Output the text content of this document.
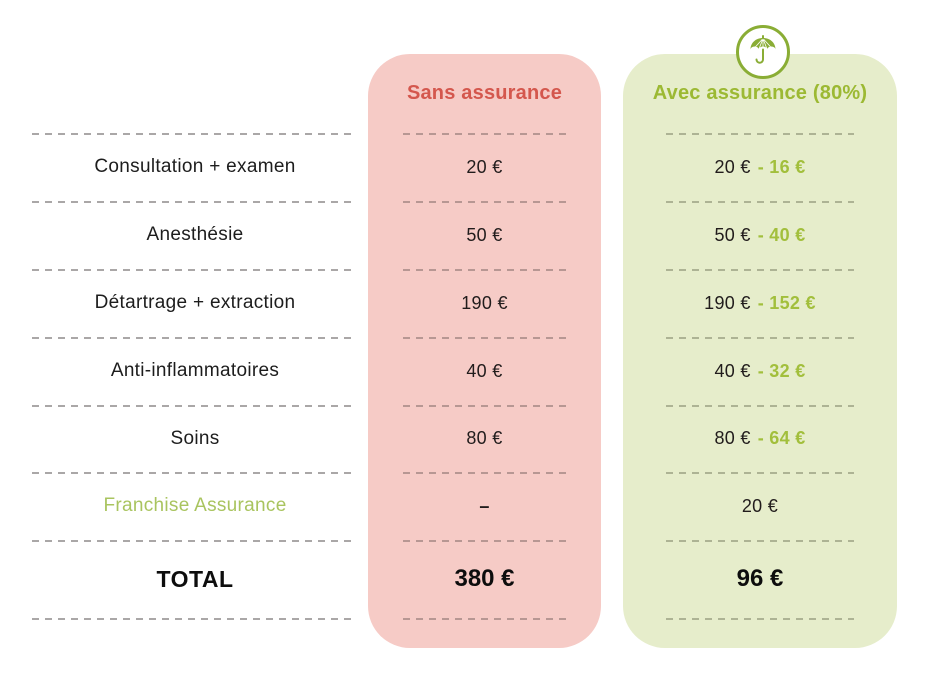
Consultation + examen
Anesthésie
Détartrage + extraction
Anti-inflammatoires
Soins
Franchise Assurance
TOTAL
Sans assurance
20 €
50 €
190 €
40 €
80 €
–
380 €
Avec assurance (80%)
20 € - 16 €
50 € - 40 €
190 € - 152 €
40 € - 32 €
80 € - 64 €
20 €
96 €
